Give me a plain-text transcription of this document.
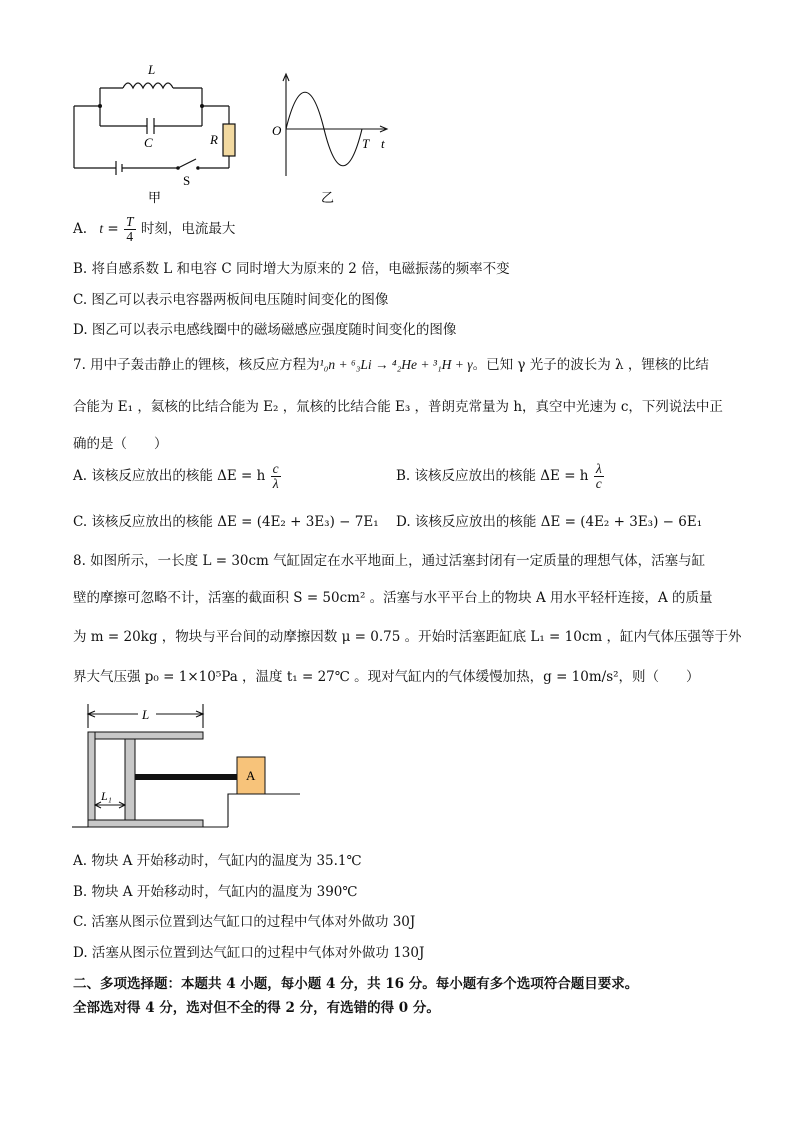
L
C	R
S
甲
O
T t
乙
A. $t = \frac{T}{4}$ 时刻，电流最大
B. 将自感系数 L 和电容 C 同时增大为原来的 2 倍，电磁振荡的频率不变
C. 图乙可以表示电容器两板间电压随时间变化的图像
D. 图乙可以表示电感线圈中的磁场磁感应强度随时间变化的图像
7. 用中子轰击静止的锂核，核反应方程为¹₀n + ⁶₃Li → ⁴₂He + ³₁H + γ。已知 γ 光子的波长为 λ ，锂核的比结
合能为 E₁ ，氦核的比结合能为 E₂ ，氚核的比结合能 E₃ ，普朗克常量为 h，真空中光速为 c，下列说法中正
确的是（　　）
A. 该核反应放出的核能 ΔE = h $\frac{c}{\lambda}$	B. 该核反应放出的核能 ΔE = h $\frac{\lambda}{c}$
C. 该核反应放出的核能 ΔE = (4E₂ + 3E₃) − 7E₁ D. 该核反应放出的核能 ΔE = (4E₂ + 3E₃) − 6E₁
8. 如图所示，一长度 L = 30cm 气缸固定在水平地面上，通过活塞封闭有一定质量的理想气体，活塞与缸
壁的摩擦可忽略不计，活塞的截面积 S = 50cm² 。活塞与水平平台上的物块 A 用水平轻杆连接，A 的质量
为 m = 20kg ，物块与平台间的动摩擦因数 μ = 0.75 。开始时活塞距缸底 L₁ = 10cm ，缸内气体压强等于外
界大气压强 p₀ = 1×10⁵Pa ，温度 t₁ = 27℃ 。现对气缸内的气体缓慢加热，g = 10m/s²，则（　　）
A
L
L₁
A. 物块 A 开始移动时，气缸内的温度为 35.1℃
B. 物块 A 开始移动时，气缸内的温度为 390℃
C. 活塞从图示位置到达气缸口的过程中气体对外做功 30J
D. 活塞从图示位置到达气缸口的过程中气体对外做功 130J
二、多项选择题：本题共 4 小题，每小题 4 分，共 16 分。每小题有多个选项符合题目要求。
全部选对得 4 分，选对但不全的得 2 分，有选错的得 0 分。
